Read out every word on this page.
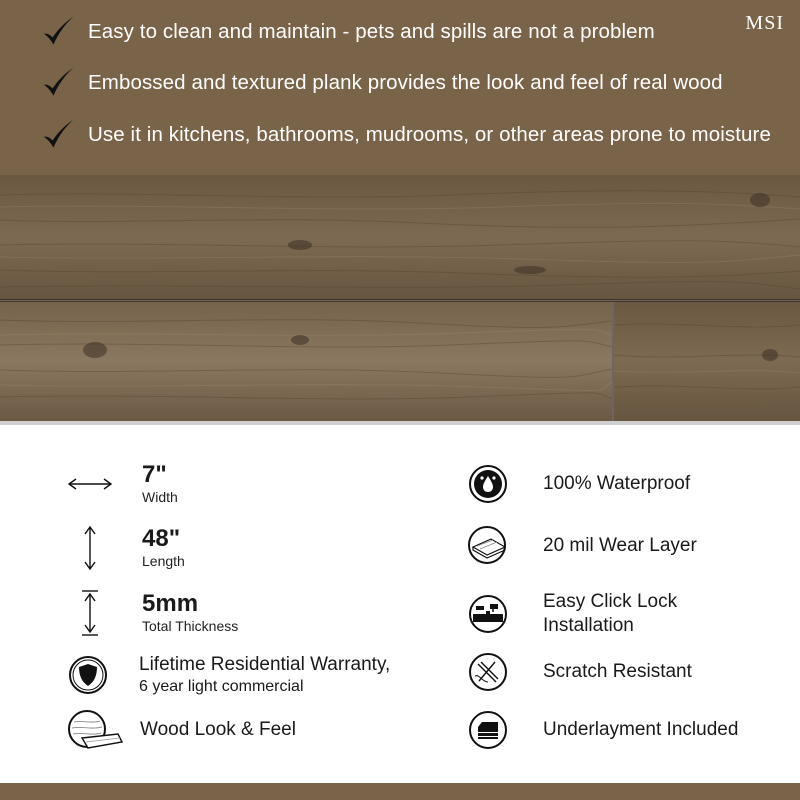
MSI
Easy to clean and maintain - pets and spills are not a problem
Embossed and textured plank provides the look and feel of real wood
Use it in kitchens, bathrooms, mudrooms, or other areas prone to moisture
7"
Width
48"
Length
5mm
Total Thickness
Lifetime Residential Warranty,
6 year light commercial
Wood Look & Feel
100% Waterproof
20 mil Wear Layer
Easy Click Lock
Installation
Scratch Resistant
Underlayment Included
